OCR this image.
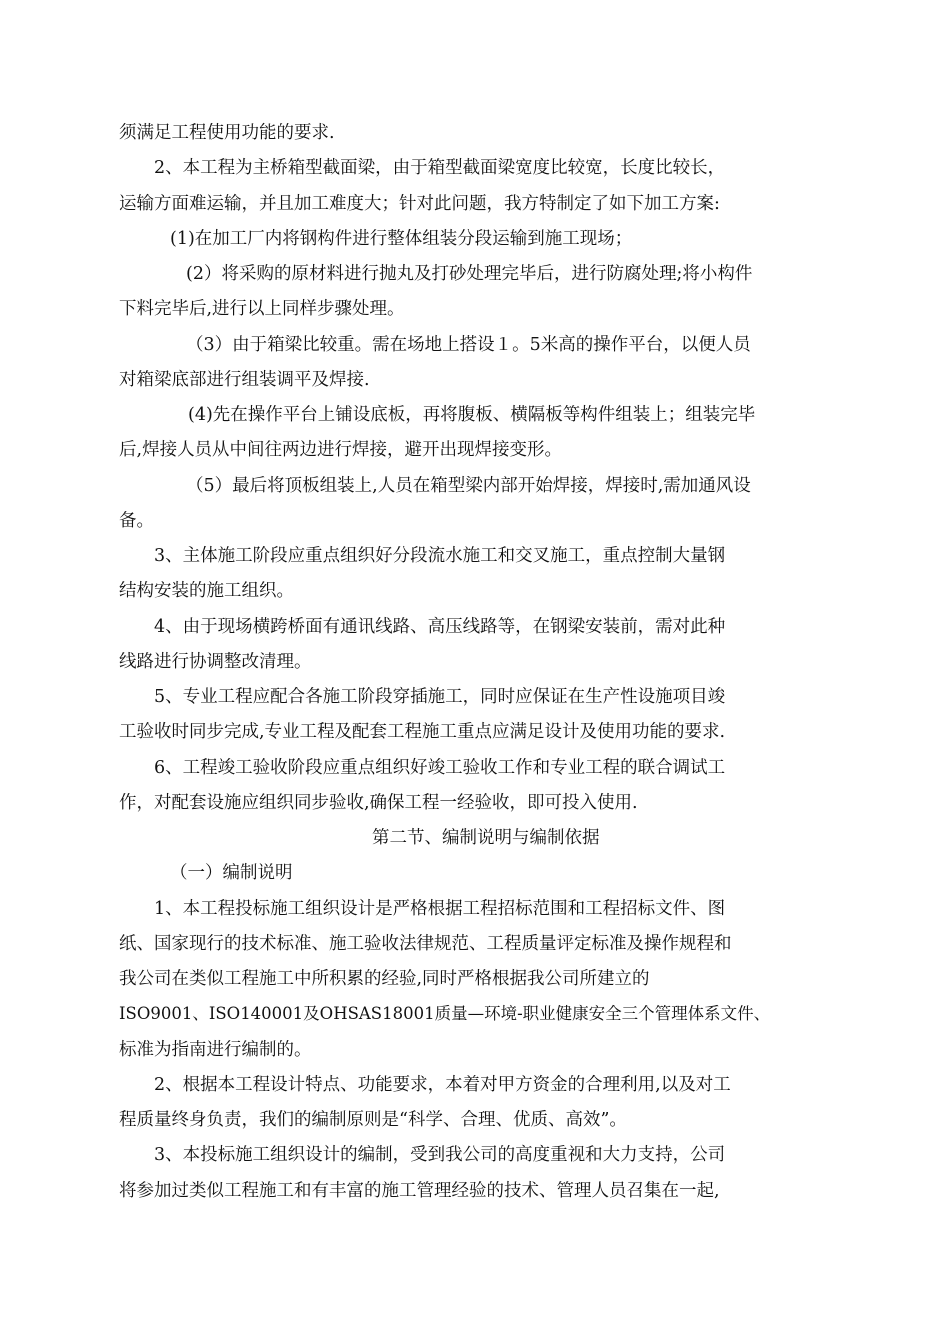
须满足工程使用功能的要求.
2、本工程为主桥箱型截面梁，由于箱型截面梁宽度比较宽，长度比较长，
运输方面难运输，并且加工难度大；针对此问题，我方特制定了如下加工方案:
(1)在加工厂内将钢构件进行整体组装分段运输到施工现场；
(2）将采购的原材料进行抛丸及打砂处理完毕后，进行防腐处理;将小构件
下料完毕后,进行以上同样步骤处理。
（3）由于箱梁比较重。需在场地上搭设１。5米高的操作平台，以便人员
对箱梁底部进行组装调平及焊接.
(4)先在操作平台上铺设底板，再将腹板、横隔板等构件组装上；组装完毕
后,焊接人员从中间往两边进行焊接，避开出现焊接变形。
（5）最后将顶板组装上,人员在箱型梁内部开始焊接，焊接时,需加通风设
备。
3、主体施工阶段应重点组织好分段流水施工和交叉施工，重点控制大量钢
结构安装的施工组织。
4、由于现场横跨桥面有通讯线路、高压线路等，在钢梁安装前，需对此种
线路进行协调整改清理。
5、专业工程应配合各施工阶段穿插施工，同时应保证在生产性设施项目竣
工验收时同步完成,专业工程及配套工程施工重点应满足设计及使用功能的要求.
6、工程竣工验收阶段应重点组织好竣工验收工作和专业工程的联合调试工
作，对配套设施应组织同步验收,确保工程一经验收，即可投入使用.
第二节、编制说明与编制依据
（一）编制说明
1、本工程投标施工组织设计是严格根据工程招标范围和工程招标文件、图
纸、国家现行的技术标准、施工验收法律规范、工程质量评定标准及操作规程和
我公司在类似工程施工中所积累的经验,同时严格根据我公司所建立的
ISO9001、ISO140001及OHSAS18001质量—环境-职业健康安全三个管理体系文件、
标准为指南进行编制的。
2、根据本工程设计特点、功能要求，本着对甲方资金的合理利用,以及对工
程质量终身负责，我们的编制原则是“科学、合理、优质、高效”。
3、本投标施工组织设计的编制，受到我公司的高度重视和大力支持，公司
将参加过类似工程施工和有丰富的施工管理经验的技术、管理人员召集在一起,
